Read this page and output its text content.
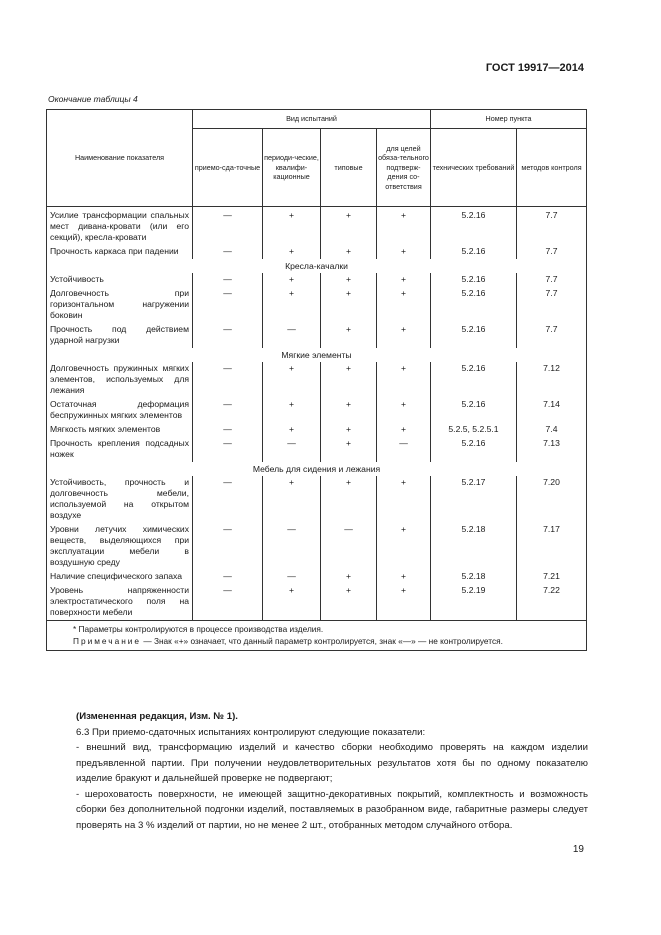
ГОСТ 19917—2014
Окончание таблицы 4
Наименование показателя	Вид испытаний				Номер пункта	
	приемо-сда-точные	периоди-ческие, квалифи-кационные	типовые	для целей обяза-тельного подтверж-дения со-ответствия	технических требований	методов контроля
Усилие трансформации спальных мест дивана-кровати (или его секций), кресла-кровати	—	+	+	+	5.2.16	7.7
Прочность каркаса при падении	—	+	+	+	5.2.16	7.7
Кресла-качалки						
Устойчивость	—	+	+	+	5.2.16	7.7
Долговечность при горизонтальном нагружении боковин	—	+	+	+	5.2.16	7.7
Прочность под действием ударной нагрузки	—	—	+	+	5.2.16	7.7
Мягкие элементы						
Долговечность пружинных мягких элементов, используемых для лежания	—	+	+	+	5.2.16	7.12
Остаточная деформация беспружинных мягких элементов	—	+	+	+	5.2.16	7.14
Мягкость мягких элементов	—	+	+	+	5.2.5, 5.2.5.1	7.4
Прочность крепления подсадных ножек	—	—	+	—	5.2.16	7.13
Мебель для сидения и лежания						
Устойчивость, прочность и долговечность мебели, используемой на открытом воздухе	—	+	+	+	5.2.17	7.20
Уровни летучих химических веществ, выделяющихся при эксплуатации мебели в воздушную среду	—	—	—	+	5.2.18	7.17
Наличие специфического запаха	—	—	+	+	5.2.18	7.21
Уровень напряженности электростатического поля на поверхности мебели	—	+	+	+	5.2.19	7.22

* Параметры контролируются в процессе производства изделия.
Примечание — Знак «+» означает, что данный параметр контролируется, знак «—» — не контролируется.						

(Измененная редакция, Изм. № 1).

6.3 При приемо-сдаточных испытаниях контролируют следующие показатели:

- внешний вид, трансформацию изделий и качество сборки необходимо проверять на каждом изделии предъявленной партии. При получении неудовлетворительных результатов хотя бы по одному показателю изделие бракуют и дальнейшей проверке не подвергают;

- шероховатость поверхности, не имеющей защитно-декоративных покрытий, комплектность и возможность сборки без дополнительной подгонки изделий, поставляемых в разобранном виде, габаритные размеры следует проверять на 3 % изделий от партии, но не менее 2 шт., отобранных методом случайного отбора.

19
